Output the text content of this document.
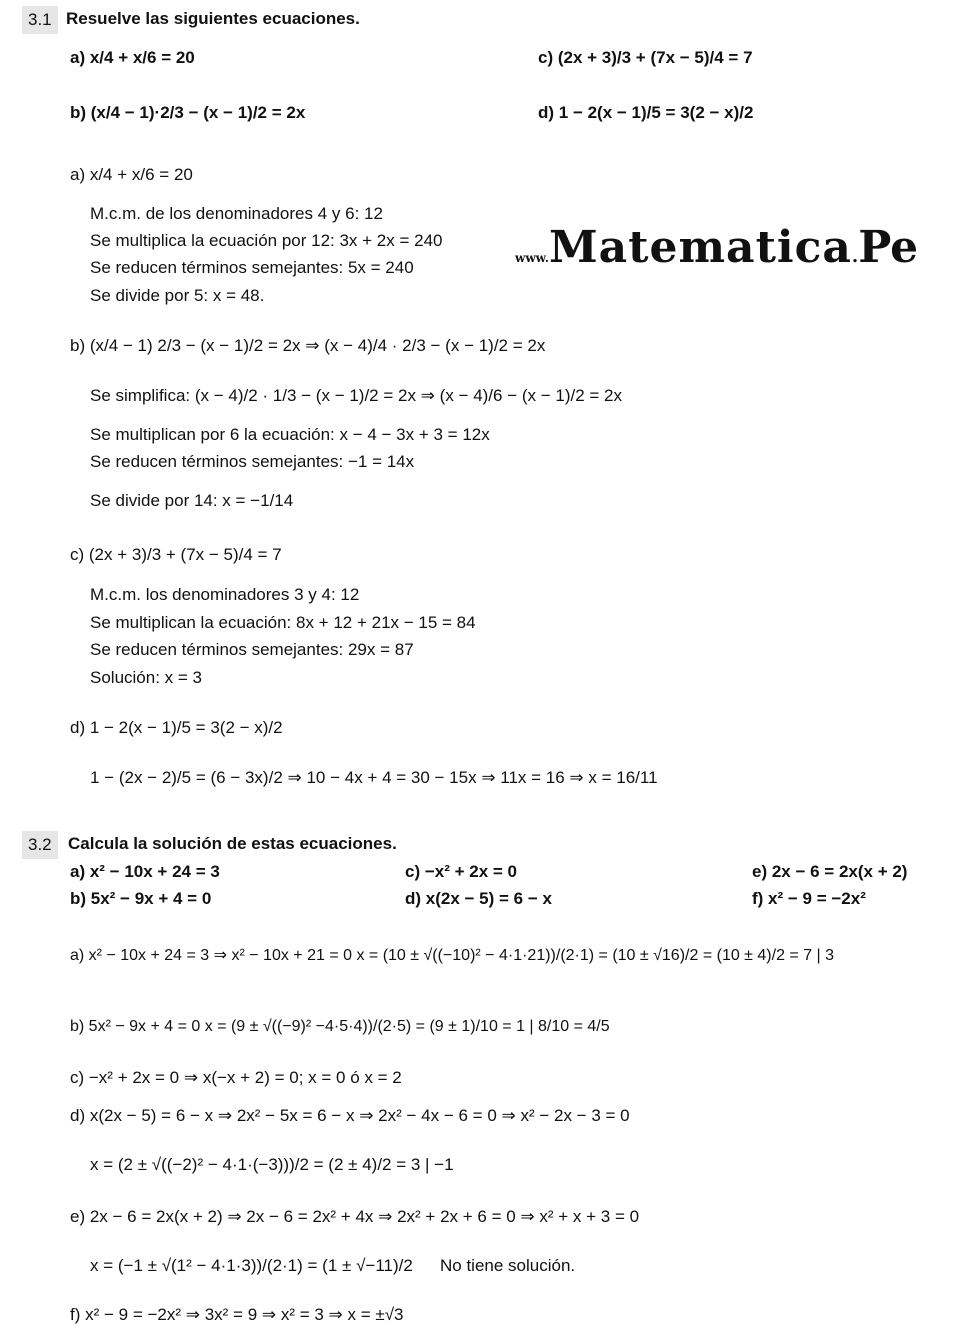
3.1 Resuelve las siguientes ecuaciones.
a) x/4 + x/6 = 20	c) (2x + 3)/3 + (7x − 5)/4 = 7
b) (x/4 − 1)·2/3 − (x − 1)/2 = 2x	d) 1 − 2(x − 1)/5 = 3(2 − x)/2
a) x/4 + x/6 = 20
M.c.m. de los denominadores 4 y 6: 12
Se multiplica la ecuación por 12: 3x + 2x = 240
Se reducen términos semejantes: 5x = 240
Se divide por 5: x = 48.
www.Matematica.Pe
b) (x/4 − 1) 2/3 − (x − 1)/2 = 2x ⇒ (x − 4)/4 · 2/3 − (x − 1)/2 = 2x
Se simplifica: (x − 4)/2 · 1/3 − (x − 1)/2 = 2x ⇒ (x − 4)/6 − (x − 1)/2 = 2x
Se multiplican por 6 la ecuación: x − 4 − 3x + 3 = 12x
Se reducen términos semejantes: −1 = 14x
Se divide por 14: x = −1/14
c) (2x + 3)/3 + (7x − 5)/4 = 7
M.c.m. los denominadores 3 y 4: 12
Se multiplican la ecuación: 8x + 12 + 21x − 15 = 84
Se reducen términos semejantes: 29x = 87
Solución: x = 3
d) 1 − 2(x − 1)/5 = 3(2 − x)/2
1 − (2x − 2)/5 = (6 − 3x)/2 ⇒ 10 − 4x + 4 = 30 − 15x ⇒ 11x = 16 ⇒ x = 16/11
3.2 Calcula la solución de estas ecuaciones.
a) x² − 10x + 24 = 3	c) −x² + 2x = 0	e) 2x − 6 = 2x(x + 2)
b) 5x² − 9x + 4 = 0	d) x(2x − 5) = 6 − x	f) x² − 9 = −2x²
a) x² − 10x + 24 = 3 ⇒ x² − 10x + 21 = 0 x = (10 ± √((−10)² − 4·1·21))/(2·1) = (10 ± √16)/2 = (10 ± 4)/2 = 7 | 3
b) 5x² − 9x + 4 = 0 x = (9 ± √((−9)² −4·5·4))/(2·5) = (9 ± 1)/10 = 1 | 8/10 = 4/5
c) −x² + 2x = 0 ⇒ x(−x + 2) = 0; x = 0 ó x = 2
d) x(2x − 5) = 6 − x ⇒ 2x² − 5x = 6 − x ⇒ 2x² − 4x − 6 = 0 ⇒ x² − 2x − 3 = 0
x = (2 ± √((−2)² − 4·1·(−3)))/2 = (2 ± 4)/2 = 3 | −1
e) 2x − 6 = 2x(x + 2) ⇒ 2x − 6 = 2x² + 4x ⇒ 2x² + 2x + 6 = 0 ⇒ x² + x + 3 = 0
x = (−1 ± √(1² − 4·1·3))/(2·1) = (1 ± √−11)/2 No tiene solución.
f) x² − 9 = −2x² ⇒ 3x² = 9 ⇒ x² = 3 ⇒ x = ±√3
